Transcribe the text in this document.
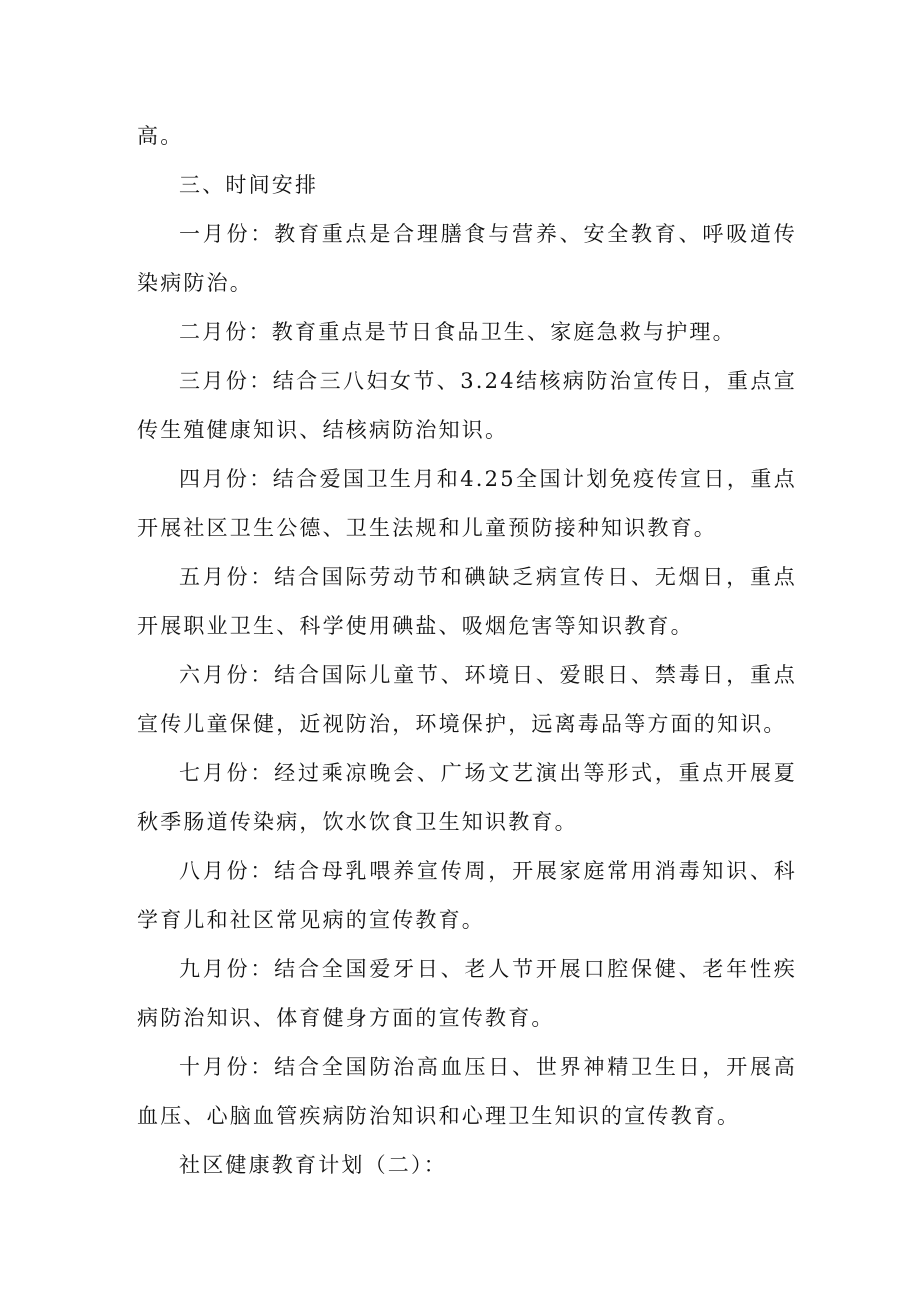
高。

三、时间安排

一月份：教育重点是合理膳食与营养、安全教育、呼吸道传染病防治。

二月份：教育重点是节日食品卫生、家庭急救与护理。

三月份：结合三八妇女节、3.24结核病防治宣传日，重点宣传生殖健康知识、结核病防治知识。

四月份：结合爱国卫生月和4.25全国计划免疫传宣日，重点开展社区卫生公德、卫生法规和儿童预防接种知识教育。

五月份：结合国际劳动节和碘缺乏病宣传日、无烟日，重点开展职业卫生、科学使用碘盐、吸烟危害等知识教育。

六月份：结合国际儿童节、环境日、爱眼日、禁毒日，重点宣传儿童保健，近视防治，环境保护，远离毒品等方面的知识。

七月份：经过乘凉晚会、广场文艺演出等形式，重点开展夏秋季肠道传染病，饮水饮食卫生知识教育。

八月份：结合母乳喂养宣传周，开展家庭常用消毒知识、科学育儿和社区常见病的宣传教育。

九月份：结合全国爱牙日、老人节开展口腔保健、老年性疾病防治知识、体育健身方面的宣传教育。

十月份：结合全国防治高血压日、世界神精卫生日，开展高血压、心脑血管疾病防治知识和心理卫生知识的宣传教育。

社区健康教育计划（二）：
